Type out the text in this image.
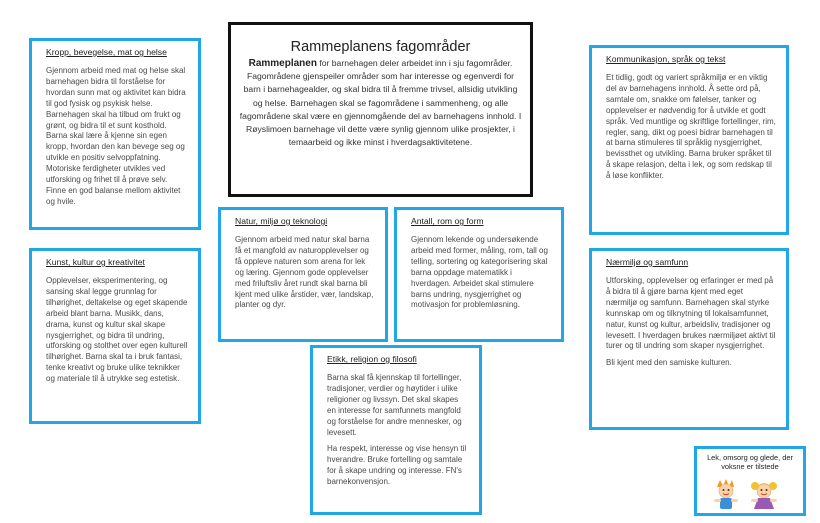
Rammeplanens fagområder

Rammeplanen for barnehagen deler arbeidet inn i sju fagområder. Fagområdene gjenspeiler områder som har interesse og egenverdi for barn i barnehagealder, og skal bidra til å fremme trivsel, allsidig utvikling og helse. Barnehagen skal se fagområdene i sammenheng, og alle fagområdene skal være en gjennomgående del av barnehagens innhold. I Røyslimoen barnehage vil dette være synlig gjennom ulike prosjekter, i temaarbeid og ikke minst i hverdagsaktivitetene.

Kropp, bevegelse, mat og helse

Gjennom arbeid med mat og helse skal barnehagen bidra til forståelse for hvordan sunn mat og aktivitet kan bidra til god fysisk og psykisk helse. Barnehagen skal ha tilbud om frukt og grønt, og bidra til et sunt kosthold. Barna skal lære å kjenne sin egen kropp, hvordan den kan bevege seg og utvikle en positiv selvoppfatning. Motoriske ferdigheter utvikles ved utforsking og frihet til å prøve selv. Finne en god balanse mellom aktivitet og hvile.

Kunst, kultur og kreativitet

Opplevelser, eksperimentering, og sansing skal legge grunnlag for tilhørighet, deltakelse og eget skapende arbeid blant barna. Musikk, dans, drama, kunst og kultur skal skape nysgjerrighet, og bidra til undring, utforsking og stolthet over egen kulturell tilhørighet. Barna skal ta i bruk fantasi, tenke kreativt og bruke ulike teknikker og materiale til å utrykke seg estetisk.

Natur, miljø og teknologi

Gjennom arbeid med natur skal barna få et mangfold av naturopplevelser og få oppleve naturen som arena for lek og læring. Gjennom gode opplevelser med friluftsliv året rundt skal barna bli kjent med ulike årstider, vær, landskap, planter og dyr.

Antall, rom og form

Gjennom lekende og undersøkende arbeid med former, måling, rom, tall og telling, sortering og kategorisering skal barna oppdage matematikk i hverdagen. Arbeidet skal stimulere barns undring, nysgjerrighet og motivasjon for problemløsning.

Etikk, religion og filosofi

Barna skal få kjennskap til fortellinger, tradisjoner, verdier og høytider i ulike religioner og livssyn. Det skal skapes en interesse for samfunnets mangfold og forståelse for andre mennesker, og levesett.

Ha respekt, interesse og vise hensyn til hverandre. Bruke fortelling og samtale for å skape undring og interesse. FN's barnekonvensjon.

Kommunikasjon, språk og tekst

Et tidlig, godt og variert språkmiljø er en viktig del av barnehagens innhold. Å sette ord på, samtale om, snakke om følelser, tanker og opplevelser er nødvendig for å utvikle et godt språk. Ved muntlige og skriftlige fortellinger, rim, regler, sang, dikt og poesi bidrar barnehagen til at barna stimuleres til språklig nysgjerrighet, bevissthet og utvikling. Barna bruker språket til å skape relasjon, delta i lek, og som redskap til å løse konflikter.

Nærmiljø og samfunn

Utforsking, opplevelser og erfaringer er med på å bidra til å gjøre barna kjent med eget nærmiljø og samfunn. Barnehagen skal styrke kunnskap om og tilknytning til lokalsamfunnet, natur, kunst og kultur, arbeidsliv, tradisjoner og levesett. I hverdagen brukes nærmiljøet aktivt til turer og til undring som skaper nysgjerrighet.

Bli kjent med den samiske kulturen.

Lek, omsorg og glede, der voksne er tilstede
